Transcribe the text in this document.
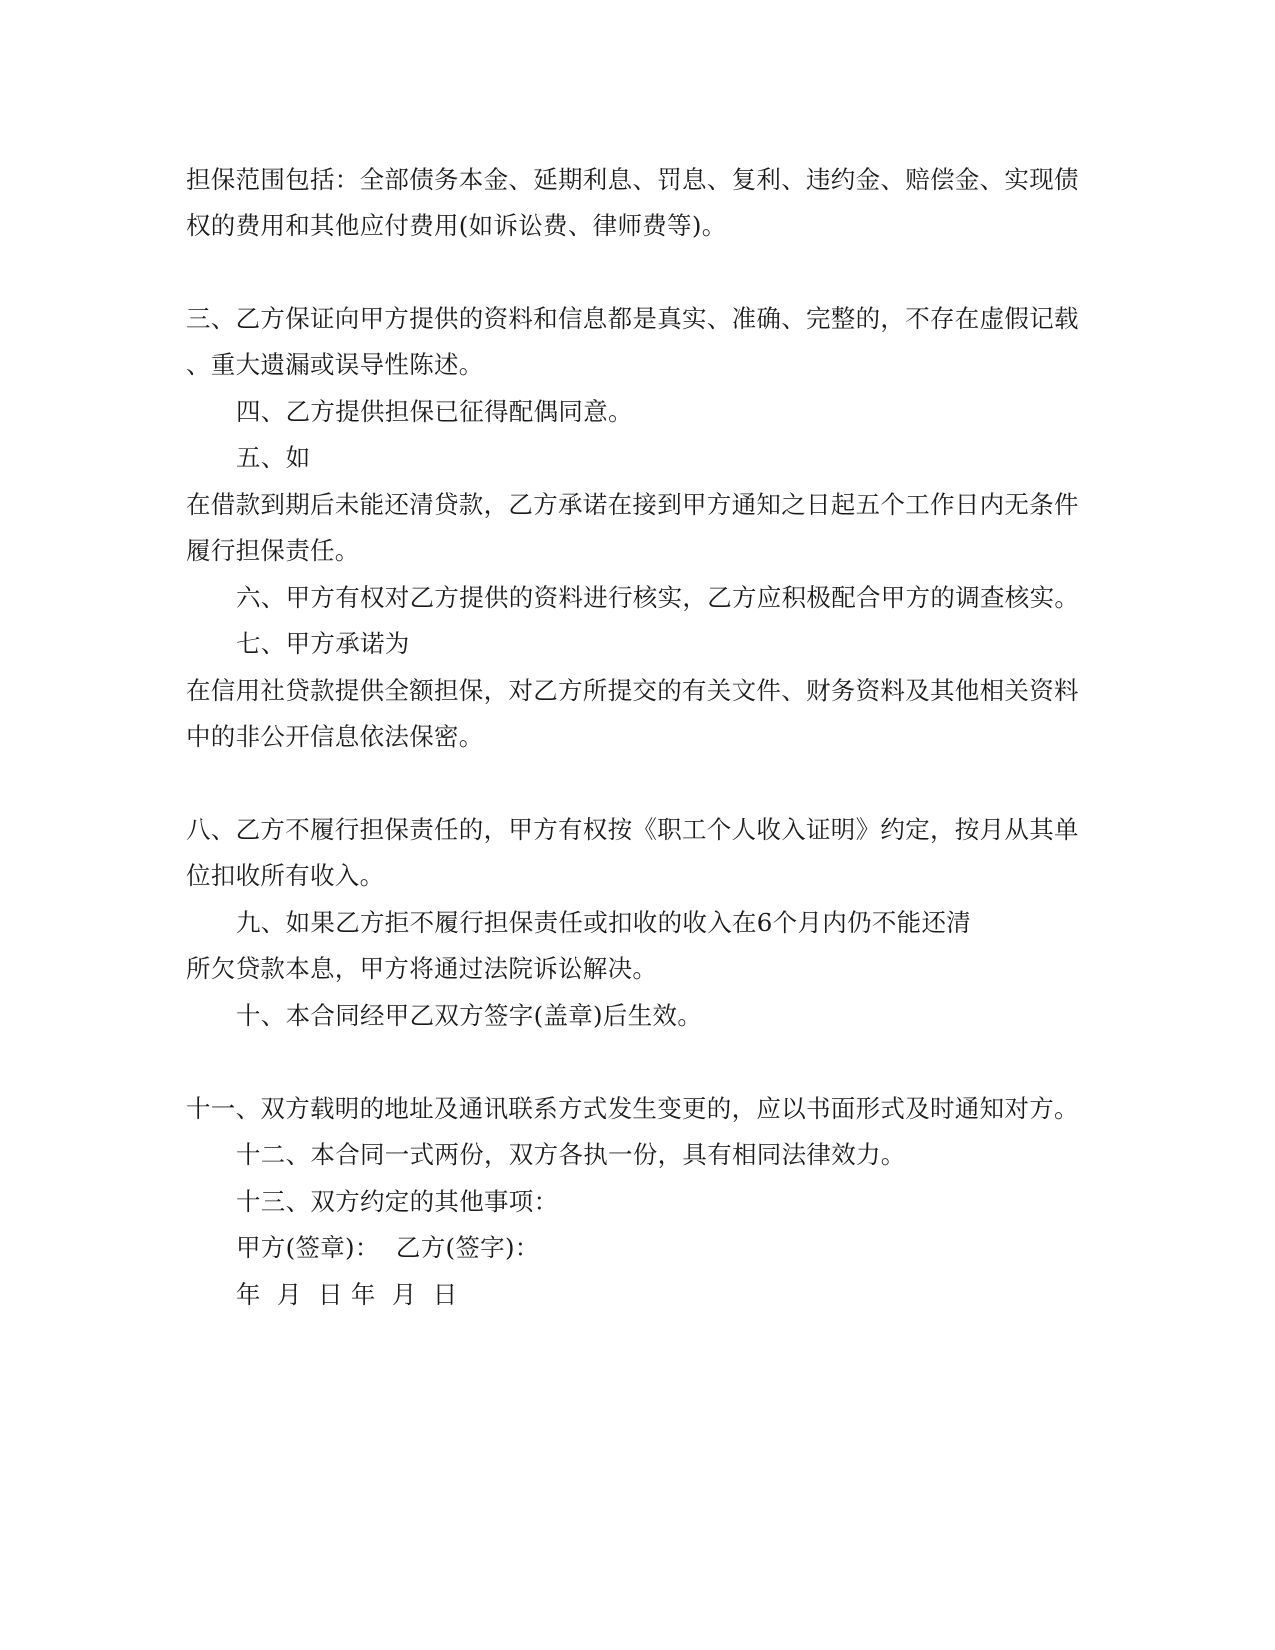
担保范围包括：全部债务本金、延期利息、罚息、复利、违约金、赔偿金、实现债
权的费用和其他应付费用(如诉讼费、律师费等)。
三、乙方保证向甲方提供的资料和信息都是真实、准确、完整的，不存在虚假记载
、重大遗漏或误导性陈述。
四、乙方提供担保已征得配偶同意。
五、如
在借款到期后未能还清贷款，乙方承诺在接到甲方通知之日起五个工作日内无条件
履行担保责任。
六、甲方有权对乙方提供的资料进行核实，乙方应积极配合甲方的调查核实。
七、甲方承诺为
在信用社贷款提供全额担保，对乙方所提交的有关文件、财务资料及其他相关资料
中的非公开信息依法保密。
八、乙方不履行担保责任的，甲方有权按《职工个人收入证明》约定，按月从其单
位扣收所有收入。
九、如果乙方拒不履行担保责任或扣收的收入在6个月内仍不能还清
所欠贷款本息，甲方将通过法院诉讼解决。
十、本合同经甲乙双方签字(盖章)后生效。
十一、双方载明的地址及通讯联系方式发生变更的，应以书面形式及时通知对方。
十二、本合同一式两份，双方各执一份，具有相同法律效力。
十三、双方约定的其他事项：
甲方(签章)：  乙方(签字)：
年  月  日 年  月  日
